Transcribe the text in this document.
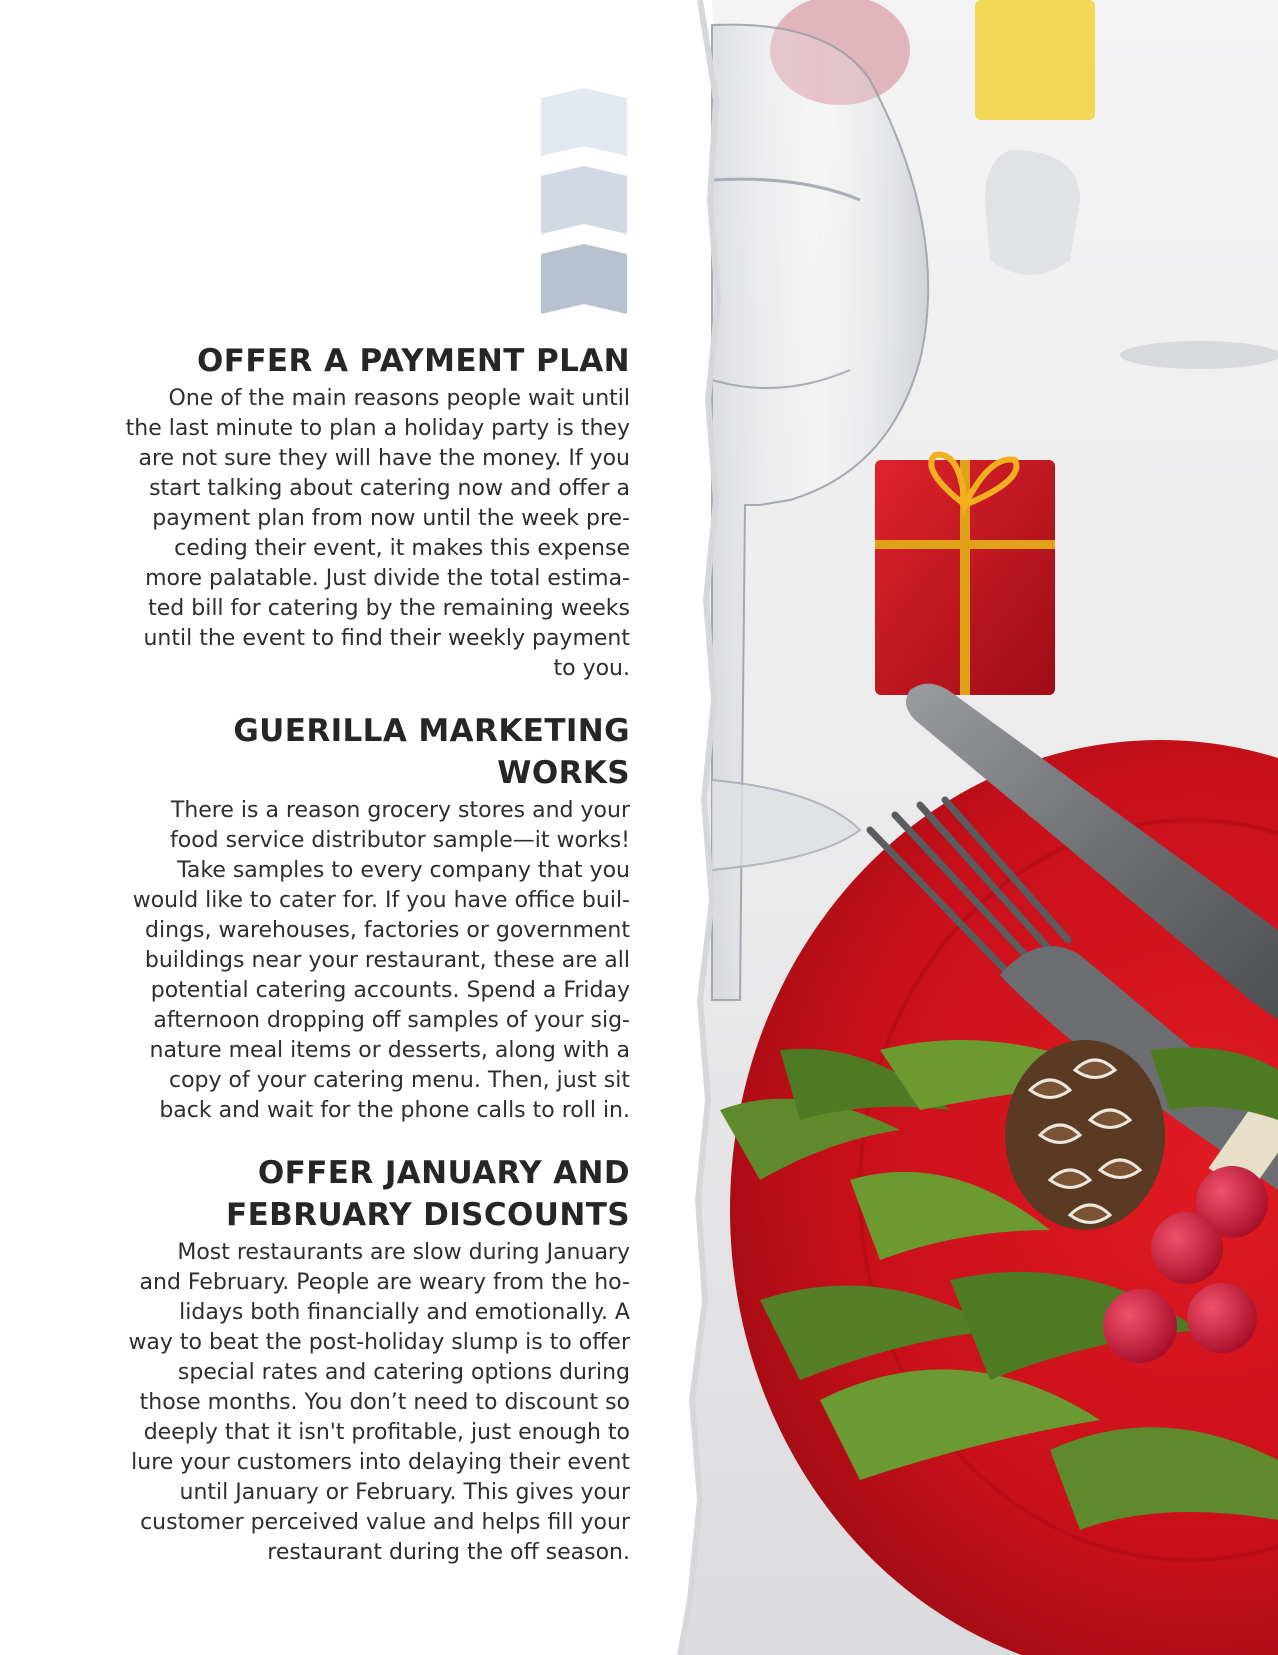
OFFER A PAYMENT PLAN

One of the main reasons people wait until
the last minute to plan a holiday party is they
are not sure they will have the money. If you
start talking about catering now and offer a
payment plan from now until the week pre-
ceding their event, it makes this expense
more palatable. Just divide the total estima-
ted bill for catering by the remaining weeks
until the event to find their weekly payment
to you.

GUERILLA MARKETING
WORKS

There is a reason grocery stores and your
food service distributor sample—it works!
Take samples to every company that you
would like to cater for. If you have office buil-
dings, warehouses, factories or government
buildings near your restaurant, these are all
potential catering accounts. Spend a Friday
afternoon dropping off samples of your sig-
nature meal items or desserts, along with a
copy of your catering menu. Then, just sit
back and wait for the phone calls to roll in.

OFFER JANUARY AND
FEBRUARY DISCOUNTS

Most restaurants are slow during January
and February. People are weary from the ho-
lidays both financially and emotionally. A
way to beat the post-holiday slump is to offer
special rates and catering options during
those months. You don’t need to discount so
deeply that it isn't profitable, just enough to
lure your customers into delaying their event
until January or February. This gives your
customer perceived value and helps fill your
restaurant during the off season.
